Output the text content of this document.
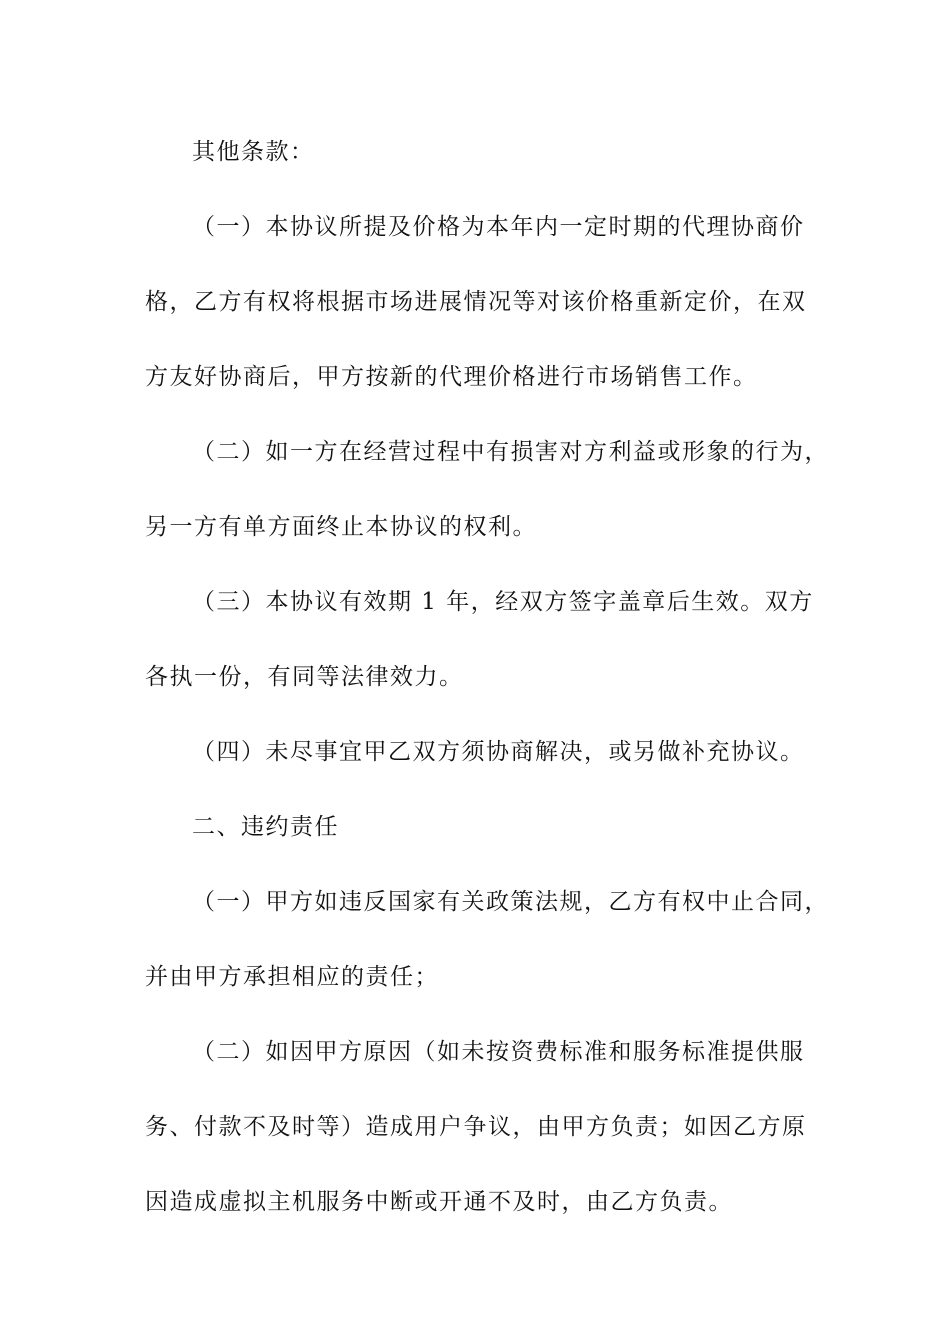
其他条款：
（一）本协议所提及价格为本年内一定时期的代理协商价
格，乙方有权将根据市场进展情况等对该价格重新定价，在双
方友好协商后，甲方按新的代理价格进行市场销售工作。
（二）如一方在经营过程中有损害对方利益或形象的行为，
另一方有单方面终止本协议的权利。
（三）本协议有效期 1 年，经双方签字盖章后生效。双方
各执一份，有同等法律效力。
（四）未尽事宜甲乙双方须协商解决，或另做补充协议。
二、违约责任
（一）甲方如违反国家有关政策法规，乙方有权中止合同，
并由甲方承担相应的责任；
（二）如因甲方原因（如未按资费标准和服务标准提供服
务、付款不及时等）造成用户争议，由甲方负责；如因乙方原
因造成虚拟主机服务中断或开通不及时，由乙方负责。
